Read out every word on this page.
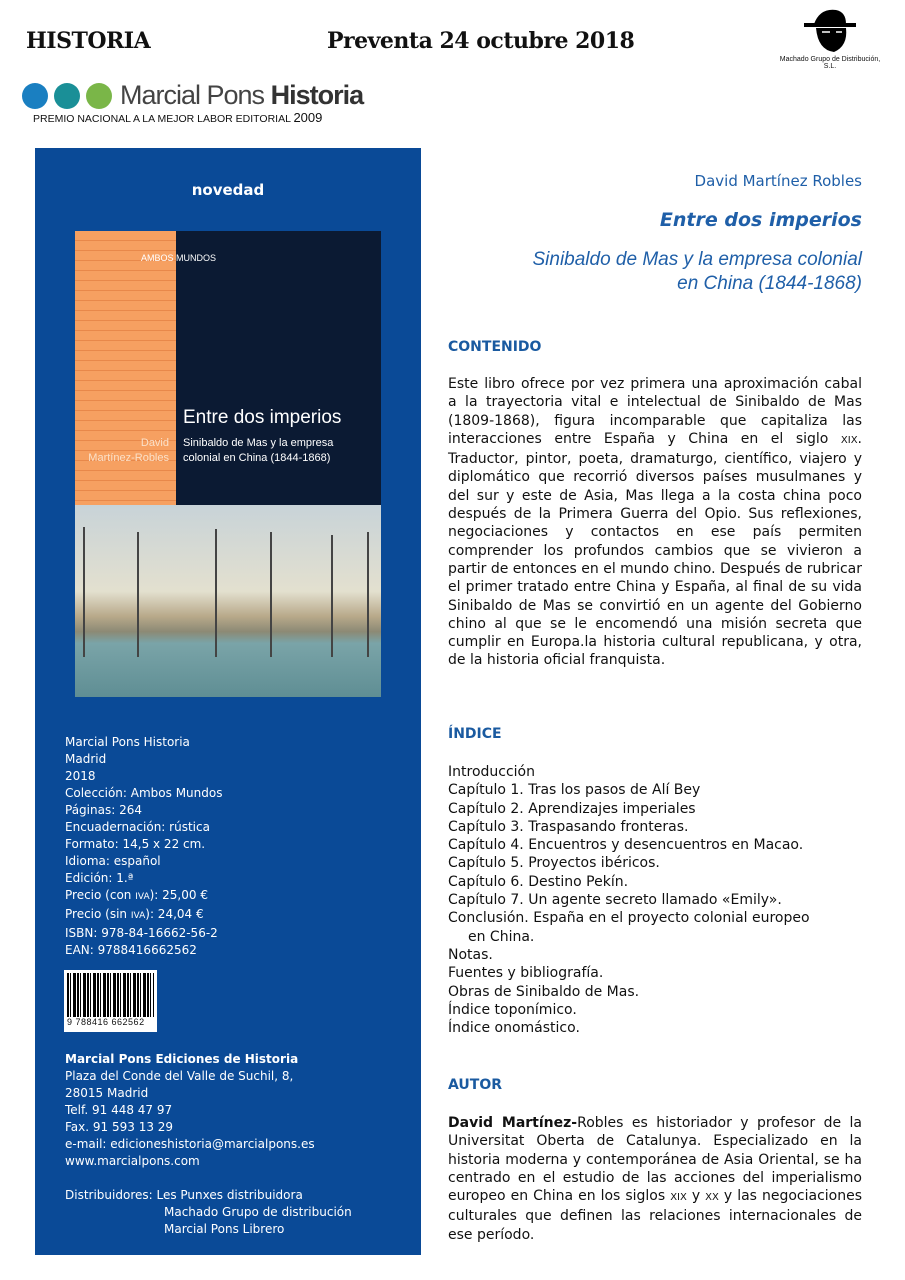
HISTORIA	Preventa 24 octubre 2018
Machado Grupo de Distribución, S.L.
Marcial Pons Historia
PREMIO NACIONAL A LA MEJOR LABOR EDITORIAL 2009
novedad
AMBOS MUNDOS
Entre dos imperios
Sinibaldo de Mas y la empresa
colonial en China (1844-1868)
David
Martínez-Robles
Marcial Pons Historia
Madrid
2018
Colección: Ambos Mundos
Páginas: 264
Encuadernación: rústica
Formato: 14,5 x 22 cm.
Idioma: español
Edición: 1.ª
Precio (con IVA): 25,00 €
Precio (sin IVA): 24,04 €
ISBN: 978-84-16662-56-2
EAN: 9788416662562
9 788416 662562
Marcial Pons Ediciones de Historia
Plaza del Conde del Valle de Suchil, 8,
28015 Madrid
Telf. 91 448 47 97
Fax. 91 593 13 29
e-mail: edicioneshistoria@marcialpons.es
www.marcialpons.com
Distribuidores: Les Punxes distribuidora
Machado Grupo de distribución
Marcial Pons Librero
David Martínez Robles
Entre dos imperios
Sinibaldo de Mas y la empresa colonial
en China (1844-1868)
CONTENIDO
Este libro ofrece por vez primera una aproximación cabal a la trayectoria vital e intelectual de Sinibaldo de Mas (1809-1868), figura incomparable que capitaliza las interacciones entre España y China en el siglo XIX. Traductor, pintor, poeta, dramaturgo, científico, viajero y diplomático que recorrió diversos países musulmanes y del sur y este de Asia, Mas llega a la costa china poco después de la Primera Guerra del Opio. Sus reflexiones, negociaciones y contactos en ese país permiten comprender los profundos cambios que se vivieron a partir de entonces en el mundo chino. Después de rubricar el primer tratado entre China y España, al final de su vida Sinibaldo de Mas se convirtió en un agente del Gobierno chino al que se le encomendó una misión secreta que cumplir en Europa.la historia cultural republicana, y otra, de la historia oficial franquista.
ÍNDICE
Introducción
Capítulo 1. Tras los pasos de Alí Bey
Capítulo 2. Aprendizajes imperiales
Capítulo 3. Traspasando fronteras.
Capítulo 4. Encuentros y desencuentros en Macao.
Capítulo 5. Proyectos ibéricos.
Capítulo 6. Destino Pekín.
Capítulo 7. Un agente secreto llamado «Emily».
Conclusión. España en el proyecto colonial europeo
en China.
Notas.
Fuentes y bibliografía.
Obras de Sinibaldo de Mas.
Índice toponímico.
Índice onomástico.
AUTOR
David Martínez-Robles es historiador y profesor de la Universitat Oberta de Catalunya. Especializado en la historia moderna y contemporánea de Asia Oriental, se ha centrado en el estudio de las acciones del imperialismo europeo en China en los siglos XIX y XX y las negociaciones culturales que definen las relaciones internacionales de ese período.
